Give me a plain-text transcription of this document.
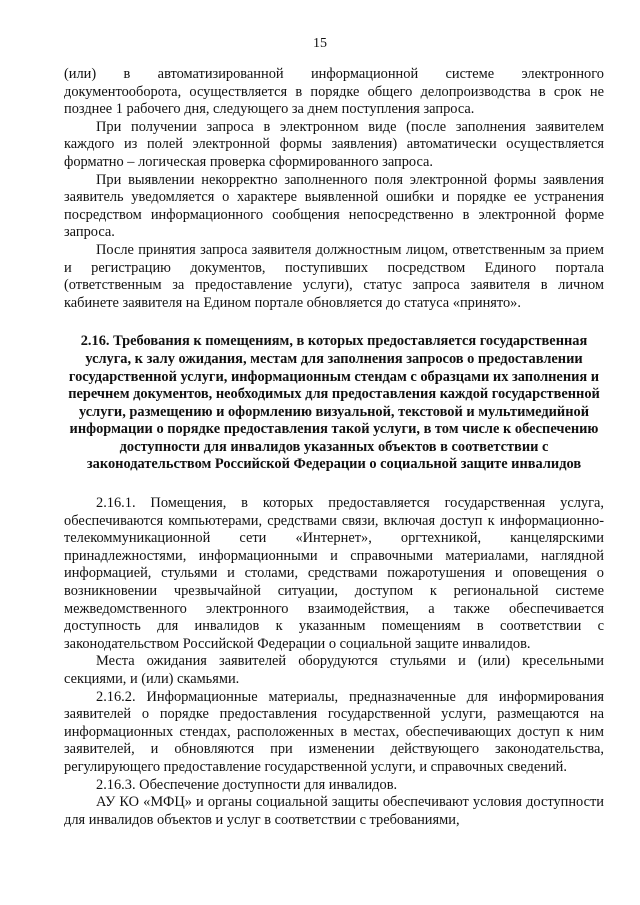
15

(или) в автоматизированной информационной системе электронного документооборота, осуществляется в порядке общего делопроизводства в срок не позднее 1 рабочего дня, следующего за днем поступления запроса.

При получении запроса в электронном виде (после заполнения заявителем каждого из полей электронной формы заявления) автоматически осуществляется форматно – логическая проверка сформированного запроса.

При выявлении некорректно заполненного поля электронной формы заявления заявитель уведомляется о характере выявленной ошибки и порядке ее устранения посредством информационного сообщения непосредственно в электронной форме запроса.

После принятия запроса заявителя должностным лицом, ответственным за прием и регистрацию документов, поступивших посредством Единого портала (ответственным за предоставление услуги), статус запроса заявителя в личном кабинете заявителя на Едином портале обновляется до статуса «принято».

2.16. Требования к помещениям, в которых предоставляется государственная услуга, к залу ожидания, местам для заполнения запросов о предоставлении государственной услуги, информационным стендам с образцами их заполнения и перечнем документов, необходимых для предоставления каждой государственной услуги, размещению и оформлению визуальной, текстовой и мультимедийной информации о порядке предоставления такой услуги, в том числе к обеспечению доступности для инвалидов указанных объектов в соответствии с законодательством Российской Федерации о социальной защите инвалидов

2.16.1. Помещения, в которых предоставляется государственная услуга, обеспечиваются компьютерами, средствами связи, включая доступ к информационно-телекоммуникационной сети «Интернет», оргтехникой, канцелярскими принадлежностями, информационными и справочными материалами, наглядной информацией, стульями и столами, средствами пожаротушения и оповещения о возникновении чрезвычайной ситуации, доступом к региональной системе межведомственного электронного взаимодействия, а также обеспечивается доступность для инвалидов к указанным помещениям в соответствии с законодательством Российской Федерации о социальной защите инвалидов.

Места ожидания заявителей оборудуются стульями и (или) кресельными секциями, и (или) скамьями.

2.16.2. Информационные материалы, предназначенные для информирования заявителей о порядке предоставления государственной услуги, размещаются на информационных стендах, расположенных в местах, обеспечивающих доступ к ним заявителей, и обновляются при изменении действующего законодательства, регулирующего предоставление государственной услуги, и справочных сведений.

2.16.3. Обеспечение доступности для инвалидов.

АУ КО «МФЦ» и органы социальной защиты обеспечивают условия доступности для инвалидов объектов и услуг в соответствии с требованиями,
